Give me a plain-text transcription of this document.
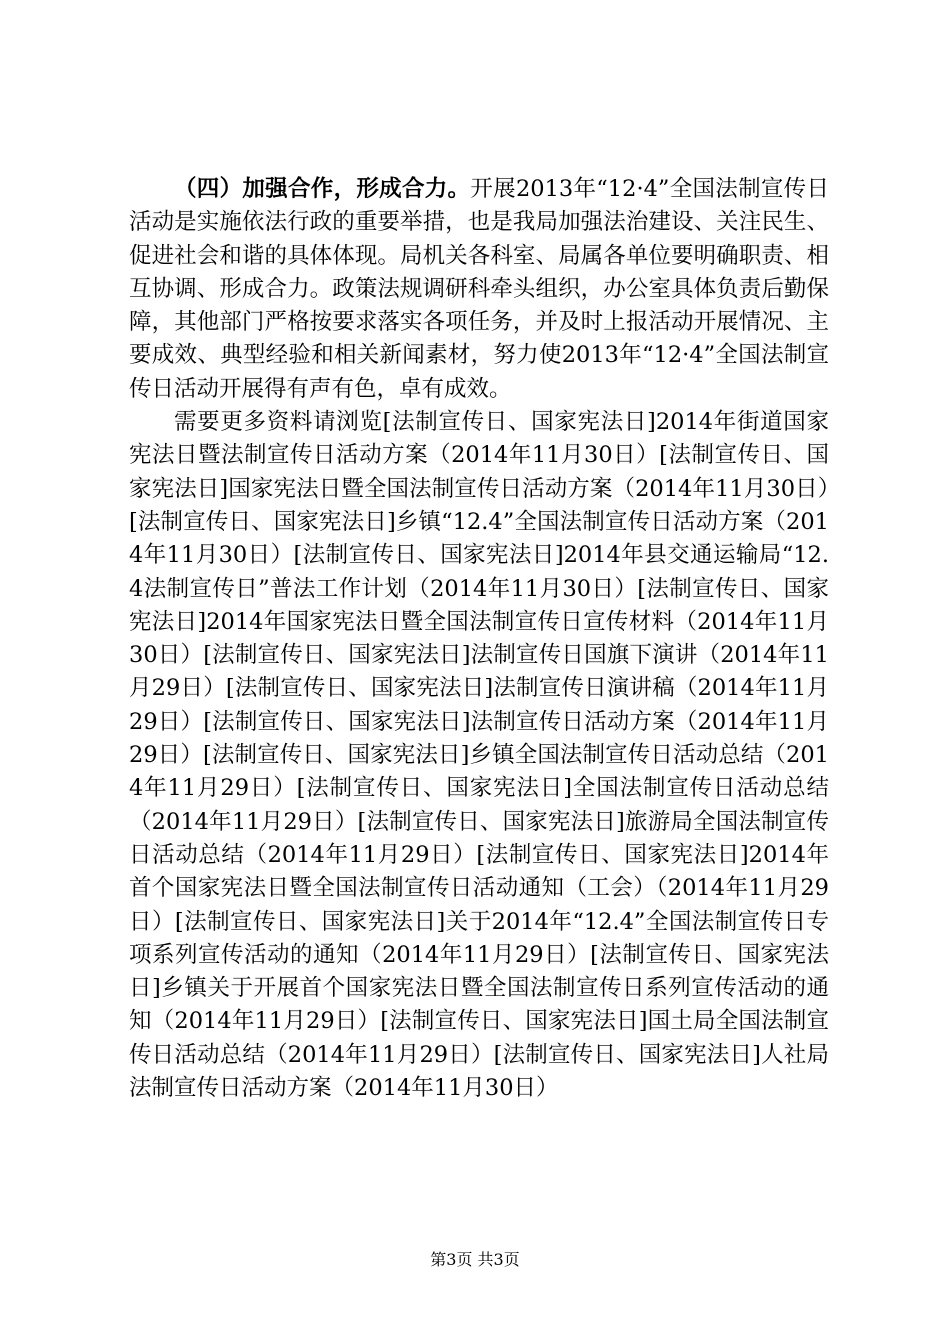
（四）加强合作，形成合力。开展2013年“12·4”全国法制宣传日活动是实施依法行政的重要举措，也是我局加强法治建设、关注民生、促进社会和谐的具体体现。局机关各科室、局属各单位要明确职责、相互协调、形成合力。政策法规调研科牵头组织，办公室具体负责后勤保障，其他部门严格按要求落实各项任务，并及时上报活动开展情况、主要成效、典型经验和相关新闻素材，努力使2013年“12·4”全国法制宣传日活动开展得有声有色，卓有成效。

需要更多资料请浏览[法制宣传日、国家宪法日]2014年街道国家宪法日暨法制宣传日活动方案（2014年11月30日）[法制宣传日、国家宪法日]国家宪法日暨全国法制宣传日活动方案（2014年11月30日）[法制宣传日、国家宪法日]乡镇“12.4”全国法制宣传日活动方案（2014年11月30日）[法制宣传日、国家宪法日]2014年县交通运输局“12.4法制宣传日”普法工作计划（2014年11月30日）[法制宣传日、国家宪法日]2014年国家宪法日暨全国法制宣传日宣传材料（2014年11月30日）[法制宣传日、国家宪法日]法制宣传日国旗下演讲（2014年11月29日）[法制宣传日、国家宪法日]法制宣传日演讲稿（2014年11月29日）[法制宣传日、国家宪法日]法制宣传日活动方案（2014年11月29日）[法制宣传日、国家宪法日]乡镇全国法制宣传日活动总结（2014年11月29日）[法制宣传日、国家宪法日]全国法制宣传日活动总结（2014年11月29日）[法制宣传日、国家宪法日]旅游局全国法制宣传日活动总结（2014年11月29日）[法制宣传日、国家宪法日]2014年首个国家宪法日暨全国法制宣传日活动通知（工会）（2014年11月29日）[法制宣传日、国家宪法日]关于2014年“12.4”全国法制宣传日专项系列宣传活动的通知（2014年11月29日）[法制宣传日、国家宪法日]乡镇关于开展首个国家宪法日暨全国法制宣传日系列宣传活动的通知（2014年11月29日）[法制宣传日、国家宪法日]国土局全国法制宣传日活动总结（2014年11月29日）[法制宣传日、国家宪法日]人社局法制宣传日活动方案（2014年11月30日）

第3页 共3页
